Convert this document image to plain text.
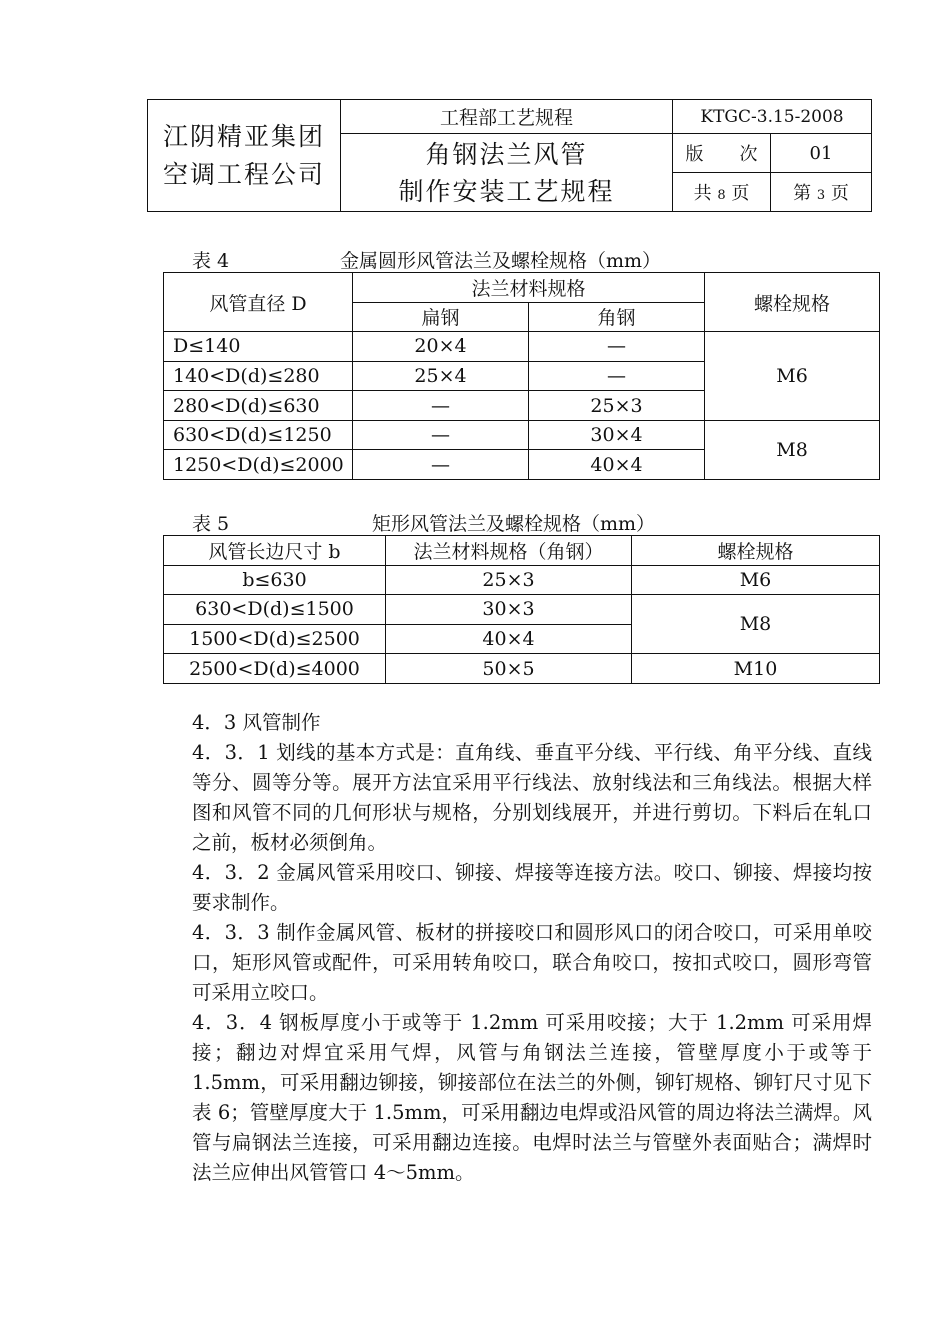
江阴精亚集团
空调工程公司	工程部工艺规程	KTGC-3.15-2008	

	角钢法兰风管
制作安装工艺规程	版　　次	01
		共 8 页	第 3 页
表 4	金属圆形风管法兰及螺栓规格（mm）
风管直径 D	法兰材料规格		螺栓规格
	扁钢	角钢	
D≤140	20×4	—	M6
140<D(d)≤280	25×4	—	
280<D(d)≤630	—	25×3	
630<D(d)≤1250	—	30×4	M8
1250<D(d)≤2000	—	40×4	
表 5	矩形风管法兰及螺栓规格（mm）
风管长边尺寸 b	法兰材料规格（角钢）	螺栓规格
b≤630	25×3	M6
630<D(d)≤1500	30×3	M8
1500<D(d)≤2500	40×4	
2500<D(d)≤4000	50×5	M10

4．3 风管制作

4．3．1 划线的基本方式是：直角线、垂直平分线、平行线、角平分线、直线等分、圆等分等。展开方法宜采用平行线法、放射线法和三角线法。根据大样图和风管不同的几何形状与规格，分别划线展开，并进行剪切。下料后在轧口之前，板材必须倒角。

4．3．2 金属风管采用咬口、铆接、焊接等连接方法。咬口、铆接、焊接均按要求制作。

4．3．3 制作金属风管、板材的拼接咬口和圆形风口的闭合咬口，可采用单咬口，矩形风管或配件，可采用转角咬口，联合角咬口，按扣式咬口，圆形弯管可采用立咬口。

4．3．4 钢板厚度小于或等于 1.2mm 可采用咬接；大于 1.2mm 可采用焊接；翻边对焊宜采用气焊，风管与角钢法兰连接，管壁厚度小于或等于 1.5mm，可采用翻边铆接，铆接部位在法兰的外侧，铆钉规格、铆钉尺寸见下表 6；管壁厚度大于 1.5mm，可采用翻边电焊或沿风管的周边将法兰满焊。风管与扁钢法兰连接，可采用翻边连接。电焊时法兰与管壁外表面贴合；满焊时法兰应伸出风管管口 4～5mm。
